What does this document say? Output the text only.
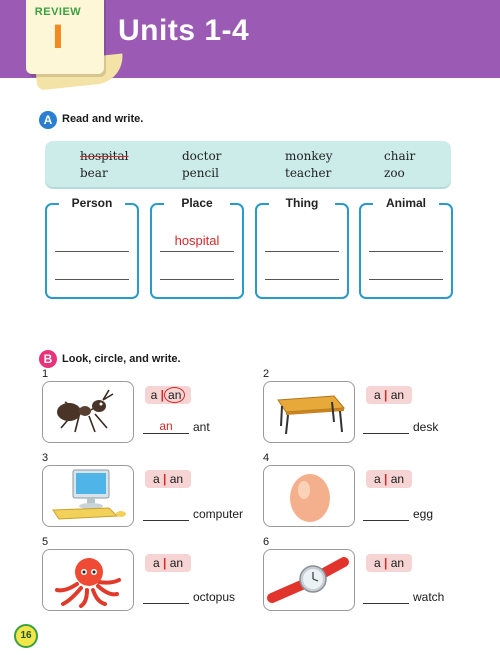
REVIEW
I	Units 1-4
A Read and write.
hospital	doctor	monkey	chair
bear	pencil	teacher	zoo
Person	Place
hospital
Thing	Animal
B Look, circle, and write.
1
a | an
an	ant
2
a | an
desk
3
a | an
computer
4
a | an
egg
5
a | an
octopus
6
a | an
watch
16
